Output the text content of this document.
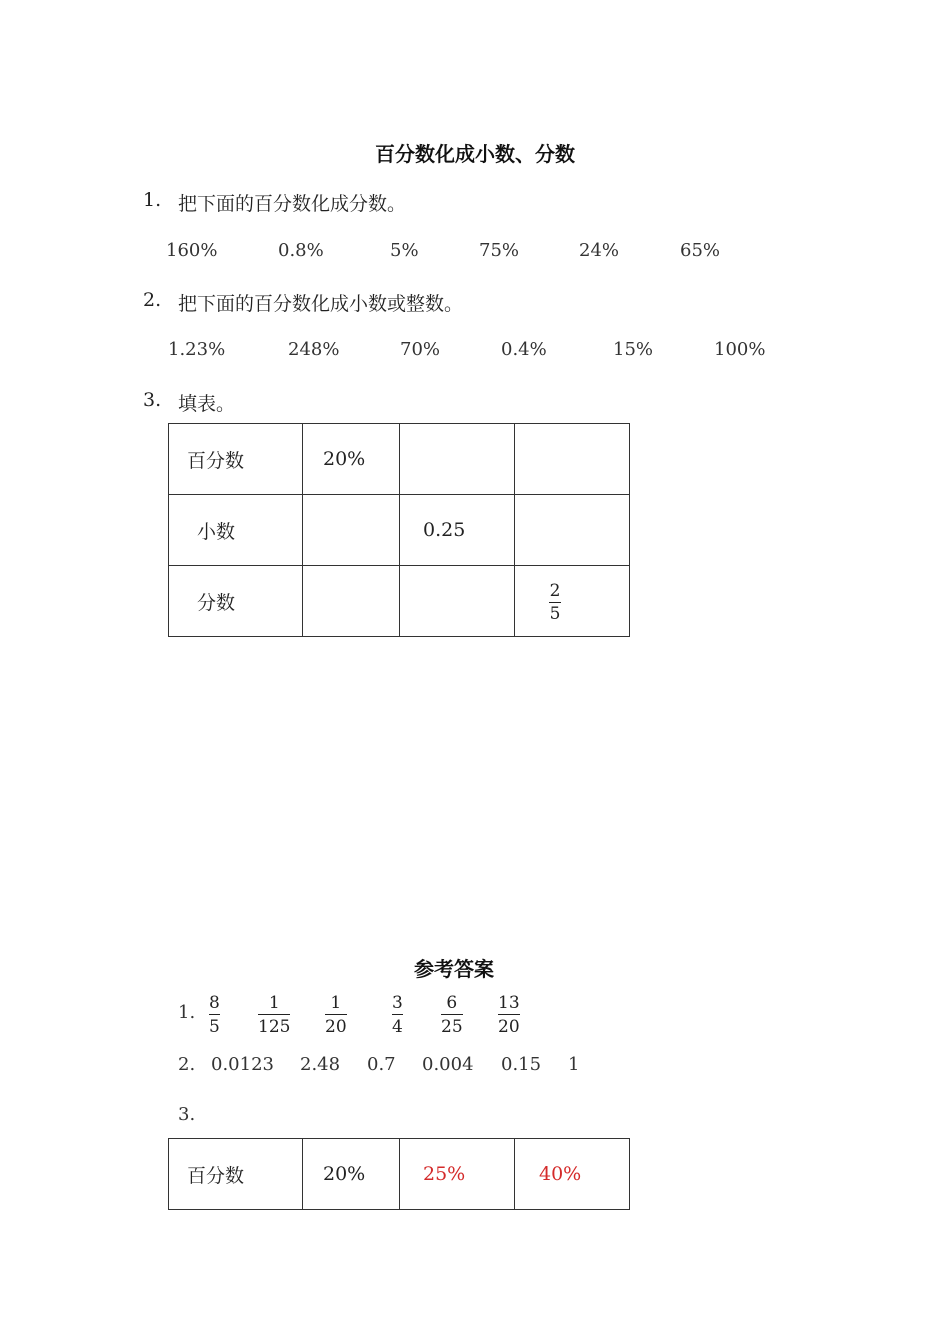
百分数化成小数、分数
1. 把下面的百分数化成分数。
160%	0.8%	5%	75%	24%	65%
2. 把下面的百分数化成小数或整数。
1.23%	248%	70%	0.4%	15%	100%
3. 填表。
百分数	20%		
小数		0.25	
分数			$\frac{2}{5}$
参考答案
1. 8
5
1
125
1
20
3
4
6
25
13
20
2. 0.0123 2.48 0.7 0.004 0.15 1
3.
百分数	20%	25%	40%
